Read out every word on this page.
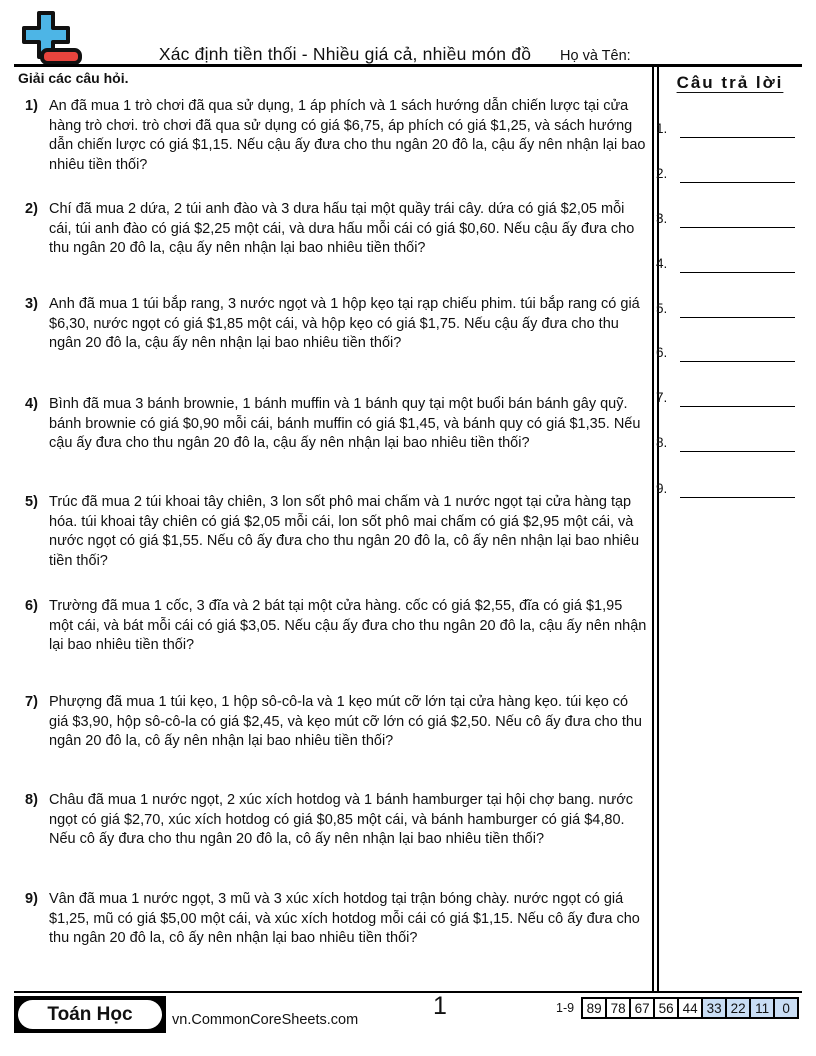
Xác định tiền thối - Nhiều giá cả, nhiều món đồ	Họ và Tên:
Giải các câu hỏi.
1) An đã mua 1 trò chơi đã qua sử dụng, 1 áp phích và 1 sách hướng dẫn chiến lược tại cửa hàng trò chơi. trò chơi đã qua sử dụng có giá $6,75, áp phích có giá $1,25, và sách hướng dẫn chiến lược có giá $1,15. Nếu cậu ấy đưa cho thu ngân 20 đô la, cậu ấy nên nhận lại bao nhiêu tiền thối?
2) Chí đã mua 2 dứa, 2 túi anh đào và 3 dưa hấu tại một quầy trái cây. dứa có giá $2,05 mỗi cái, túi anh đào có giá $2,25 một cái, và dưa hấu mỗi cái có giá $0,60. Nếu cậu ấy đưa cho thu ngân 20 đô la, cậu ấy nên nhận lại bao nhiêu tiền thối?
3) Anh đã mua 1 túi bắp rang, 3 nước ngọt và 1 hộp kẹo tại rạp chiếu phim. túi bắp rang có giá $6,30, nước ngọt có giá $1,85 một cái, và hộp kẹo có giá $1,75. Nếu cậu ấy đưa cho thu ngân 20 đô la, cậu ấy nên nhận lại bao nhiêu tiền thối?
4) Bình đã mua 3 bánh brownie, 1 bánh muffin và 1 bánh quy tại một buổi bán bánh gây quỹ. bánh brownie có giá $0,90 mỗi cái, bánh muffin có giá $1,45, và bánh quy có giá $1,35. Nếu cậu ấy đưa cho thu ngân 20 đô la, cậu ấy nên nhận lại bao nhiêu tiền thối?
5) Trúc đã mua 2 túi khoai tây chiên, 3 lon sốt phô mai chấm và 1 nước ngọt tại cửa hàng tạp hóa. túi khoai tây chiên có giá $2,05 mỗi cái, lon sốt phô mai chấm có giá $2,95 một cái, và nước ngọt có giá $1,55. Nếu cô ấy đưa cho thu ngân 20 đô la, cô ấy nên nhận lại bao nhiêu tiền thối?
6) Trường đã mua 1 cốc, 3 đĩa và 2 bát tại một cửa hàng. cốc có giá $2,55, đĩa có giá $1,95 một cái, và bát mỗi cái có giá $3,05. Nếu cậu ấy đưa cho thu ngân 20 đô la, cậu ấy nên nhận lại bao nhiêu tiền thối?
7) Phượng đã mua 1 túi kẹo, 1 hộp sô-cô-la và 1 kẹo mút cỡ lớn tại cửa hàng kẹo. túi kẹo có giá $3,90, hộp sô-cô-la có giá $2,45, và kẹo mút cỡ lớn có giá $2,50. Nếu cô ấy đưa cho thu ngân 20 đô la, cô ấy nên nhận lại bao nhiêu tiền thối?
8) Châu đã mua 1 nước ngọt, 2 xúc xích hotdog và 1 bánh hamburger tại hội chợ bang. nước ngọt có giá $2,70, xúc xích hotdog có giá $0,85 một cái, và bánh hamburger có giá $4,80. Nếu cô ấy đưa cho thu ngân 20 đô la, cô ấy nên nhận lại bao nhiêu tiền thối?
9) Vân đã mua 1 nước ngọt, 3 mũ và 3 xúc xích hotdog tại trận bóng chày. nước ngọt có giá $1,25, mũ có giá $5,00 một cái, và xúc xích hotdog mỗi cái có giá $1,15. Nếu cô ấy đưa cho thu ngân 20 đô la, cô ấy nên nhận lại bao nhiêu tiền thối?
Câu trả lời
1.
2.
3.
4.
5.
6.
7.
8.
9.
Toán Học	vn.CommonCoreSheets.com	1	1-9 89 78 67 56 44 33 22 11 0
